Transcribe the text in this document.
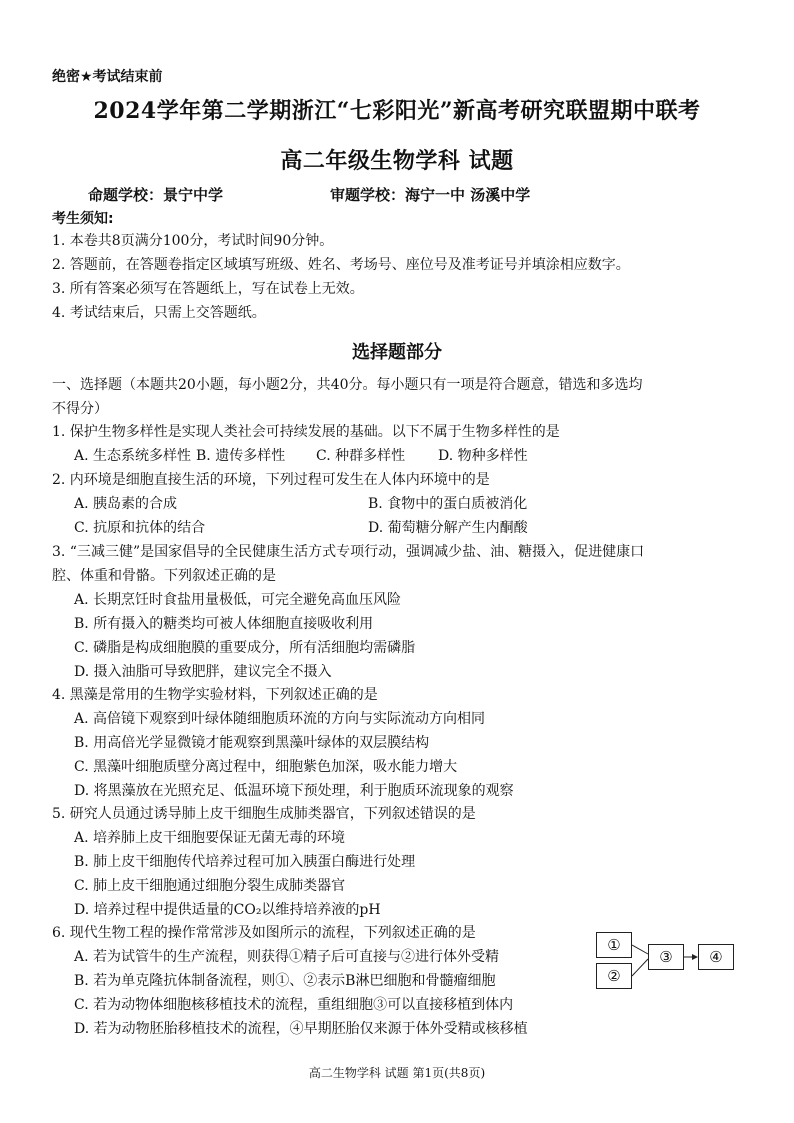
绝密★考试结束前
2024学年第二学期浙江“七彩阳光”新高考研究联盟期中联考
高二年级生物学科 试题
命题学校：景宁中学	审题学校：海宁一中 汤溪中学
考生须知:
1. 本卷共8页满分100分，考试时间90分钟。
2. 答题前，在答题卷指定区域填写班级、姓名、考场号、座位号及准考证号并填涂相应数字。
3. 所有答案必须写在答题纸上，写在试卷上无效。
4. 考试结束后，只需上交答题纸。
选择题部分
一、选择题（本题共20小题，每小题2分，共40分。每小题只有一项是符合题意，错选和多选均
不得分）
1. 保护生物多样性是实现人类社会可持续发展的基础。以下不属于生物多样性的是
A. 生态系统多样性 B. 遗传多样性 C. 种群多样性 D. 物种多样性
2. 内环境是细胞直接生活的环境，下列过程可发生在人体内环境中的是
A. 胰岛素的合成	B. 食物中的蛋白质被消化
C. 抗原和抗体的结合	D. 葡萄糖分解产生内酮酸
3. “三减三健”是国家倡导的全民健康生活方式专项行动，强调减少盐、油、糖摄入，促进健康口
腔、体重和骨骼。下列叙述正确的是
A. 长期烹饪时食盐用量极低，可完全避免高血压风险
B. 所有摄入的糖类均可被人体细胞直接吸收利用
C. 磷脂是构成细胞膜的重要成分，所有活细胞均需磷脂
D. 摄入油脂可导致肥胖，建议完全不摄入
4. 黑藻是常用的生物学实验材料，下列叙述正确的是
A. 高倍镜下观察到叶绿体随细胞质环流的方向与实际流动方向相同
B. 用高倍光学显微镜才能观察到黑藻叶绿体的双层膜结构
C. 黑藻叶细胞质壁分离过程中，细胞紫色加深，吸水能力增大
D. 将黑藻放在光照充足、低温环境下预处理，利于胞质环流现象的观察
5. 研究人员通过诱导肺上皮干细胞生成肺类器官，下列叙述错误的是
A. 培养肺上皮干细胞要保证无菌无毒的环境
B. 肺上皮干细胞传代培养过程可加入胰蛋白酶进行处理
C. 肺上皮干细胞通过细胞分裂生成肺类器官
D. 培养过程中提供适量的CO₂以维持培养液的pH
6. 现代生物工程的操作常常涉及如图所示的流程，下列叙述正确的是
A. 若为试管牛的生产流程，则获得①精子后可直接与②进行体外受精
B. 若为单克隆抗体制备流程，则①、②表示B淋巴细胞和骨髓瘤细胞
C. 若为动物体细胞核移植技术的流程，重组细胞③可以直接移植到体内
D. 若为动物胚胎移植技术的流程，④早期胚胎仅来源于体外受精或核移植
①
②
③	④
高二生物学科 试题 第1页(共8页)
